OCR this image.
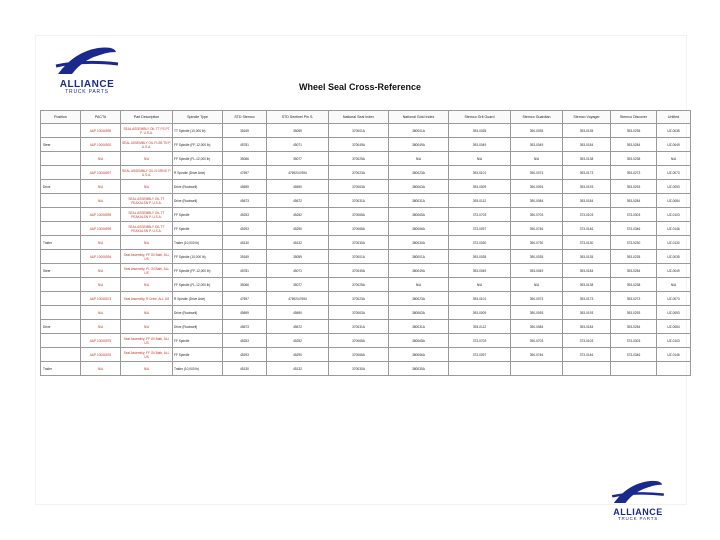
ALLIANCE
TRUCK PARTS	Wheel Seal Cross-Reference
Position	PACT#	Part Description	Spindle Type	STD Stemco	STD Sentinel Pin S.	National Seal Index	National Gold Index	Stemco Grit Guard	Stemco Guardian	Stemco Voyager	Stemco Discover	Unified
	A&P 10006595	SEAL ASSEMBLY OIL TT FS PT P. U.S.A.	TT Spindle (10,000 lb)	35169	35059	370001A	380001A	393-0035	390-0035	393-0135	393-0235	UZ-0035
Steer	A&P 10006592	SEAL ASSEMBLY OIL FLSB TN P. U.S.A.	FF Spindle (FF-12,000 lb)	45781	45071	370049A	380049A	393-0049	393-0049	393-0184	393-0284	UZ-0049
	N/A	N/A	FF Spindle (FL-12,000 lb)	35066	35077	370025A	N/A	N/A	N/A	393-0138	393-0238	N/A
	A&P 10006597	SEAL ASSEMBLY OIL N DRIVE P. U.S.A.	R Spindle (Drive Axle)	47697	47692/47694	370023A	380023A	393-0101	390-0073	393-0173	393-0273	UZ-0073
Drive	N/A	N/A	Drive (Rockwell)	45699	45690	370063A	380063A	393-0009	390-0093	393-0193	393-0293	UZ-0093
	N/A	SEAL ASSEMBLY OIL TT PEAKALSN P. U.S.A.	Drive (Rockwell)	45673	45672	370031A	380031A	393-0112	390-0084	393-0184	393-0284	UZ-0084
	A&P 10006599	SEAL ASSEMBLY OIL TT PEAKALSN P. U.S.A.	FF Spindle	45253	45252	370065A	380065A	373-0703	390-0703	373-0103	373-0303	UZ-0103
	A&P 10006599	SEAL ASSEMBLY OIL TT PEAKALSN P. U.S.A.	FF Spindle	45293	45290	370066A	380066A	373-0097	390-0746	373-0146	373-0346	UZ-0146
Trailer	N/A	N/A	Trailer (10,000 lb)	45130	45132	370030A	380030A	373-0030	390-0730	373-0130	373-0230	UZ-0130
	A&P 10006594	Seal Assembly, FF Oil Bath, ALL US	FF Spindle (10,000 lb)	35169	35059	370001A	380001A	393-0035	390-0035	393-0135	393-0235	UZ-0035
Steer	N/A	Seal Assembly, FL Oil Bath, ALL US	FF Spindle (FF-12,000 lb)	45781	45071	370049A	380049A	393-0049	393-0049	393-0184	393-0284	UZ-0049
	N/A	N/A	FF Spindle (FL-12,000 lb)	35066	35077	370025A	N/A	N/A	N/A	393-0138	393-0238	N/A
	A&P 10006573	Seal Assembly, R Drive, ALL US	R Spindle (Drive Axle)	47697	47692/47694	370023A	380023A	393-0101	390-0073	393-0173	393-0273	UZ-0073
	N/A	N/A	Drive (Rockwell)	45699	45690	370063A	380063A	393-0009	390-0093	393-0193	393-0293	UZ-0093
Drive	N/A	N/A	Drive (Rockwell)	45673	45672	370031A	380031A	393-0112	390-0084	393-0184	393-0284	UZ-0084
	A&P 10006575	Seal Assembly, FF Oil Bath, ALL US	FF Spindle	45253	45252	370065A	380065A	373-0703	390-0703	373-0103	373-0303	UZ-0103
	A&P 10006576	Seal Assembly, FF Oil Bath, ALL US	FF Spindle	45293	45290	370066A	380066A	373-0097	390-0746	373-0146	373-0346	UZ-0146
Trailer	N/A	N/A	Trailer (10,000 lb)	45130	45132	370030A	380030A					
ALLIANCE
TRUCK PARTS
